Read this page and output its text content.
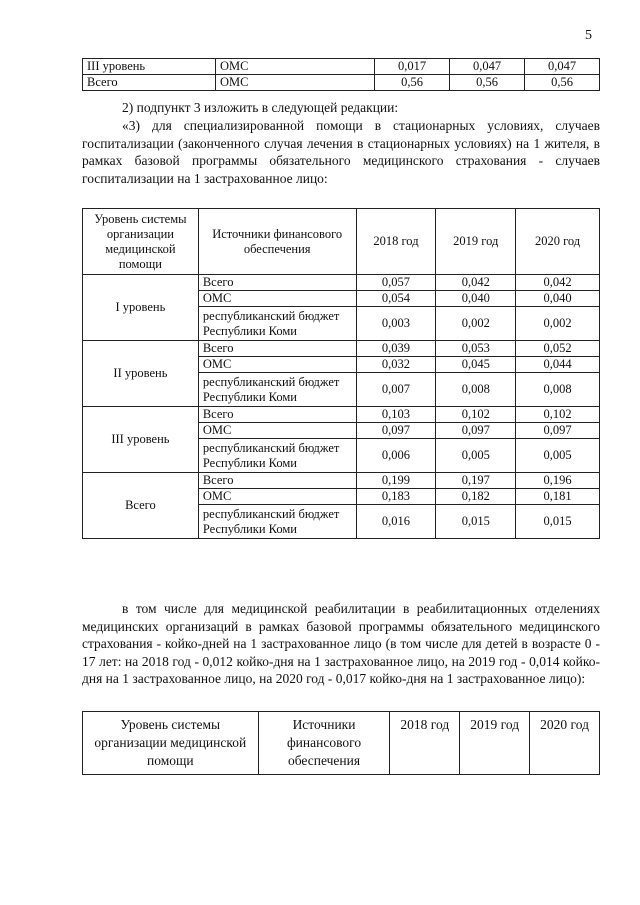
5
III уровень	ОМС	0,017	0,047	0,047
Всего	ОМС	0,56	0,56	0,56
2) подпункт 3 изложить в следующей редакции:
«3) для специализированной помощи в стационарных условиях, случаев госпитализации (законченного случая лечения в стационарных условиях) на 1 жителя, в рамках базовой программы обязательного медицинского страхования - случаев госпитализации на 1 застрахованное лицо:
Уровень системы организации медицинской помощи	Источники финансового обеспечения	2018 год	2019 год	2020 год
I уровень	Всего	0,057	0,042	0,042
	ОМС	0,054	0,040	0,040
	республиканский бюджет Республики Коми	0,003	0,002	0,002
II уровень	Всего	0,039	0,053	0,052
	ОМС	0,032	0,045	0,044
	республиканский бюджет Республики Коми	0,007	0,008	0,008
III уровень	Всего	0,103	0,102	0,102
	ОМС	0,097	0,097	0,097
	республиканский бюджет Республики Коми	0,006	0,005	0,005
Всего	Всего	0,199	0,197	0,196
	ОМС	0,183	0,182	0,181
	республиканский бюджет Республики Коми	0,016	0,015	0,015
в том числе для медицинской реабилитации в реабилитационных отделениях медицинских организаций в рамках базовой программы обязательного медицинского страхования - койко-дней на 1 застрахованное лицо (в том числе для детей в возрасте 0 - 17 лет: на 2018 год - 0,012 койко-дня на 1 застрахованное лицо, на 2019 год - 0,014 койко-дня на 1 застрахованное лицо, на 2020 год - 0,017 койко-дня на 1 застрахованное лицо):
Уровень системы организации медицинской помощи	Источники финансового обеспечения	2018 год	2019 год	2020 год
